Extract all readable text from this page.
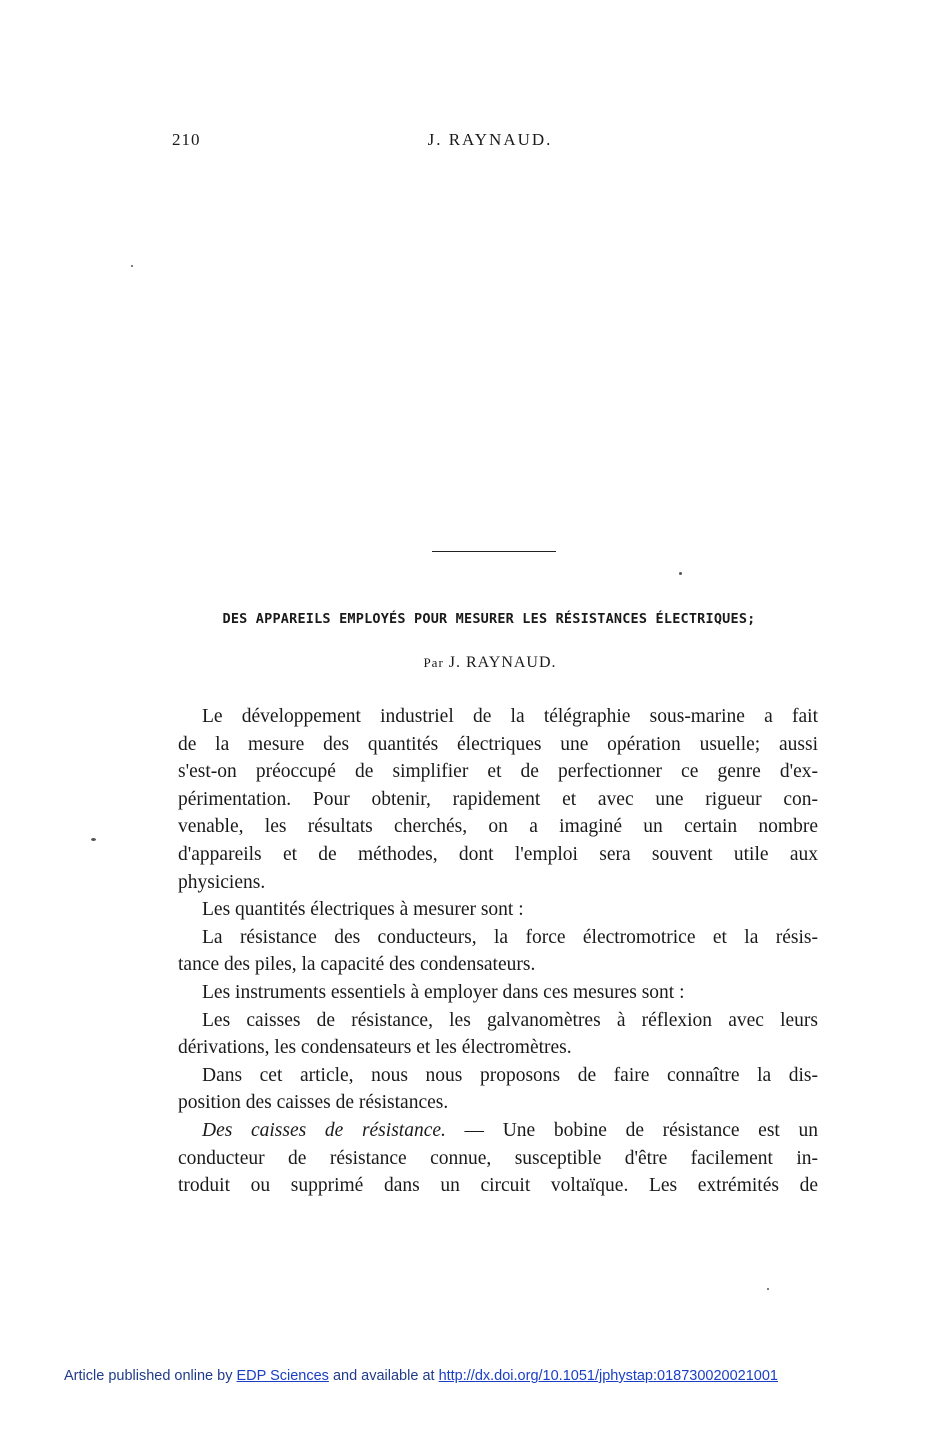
210	J. RAYNAUD.
DES APPAREILS EMPLOYÉS POUR MESURER LES RÉSISTANCES ÉLECTRIQUES;
Par J. RAYNAUD.
Le développement industriel de la télégraphie sous-marine a fait
de la mesure des quantités électriques une opération usuelle; aussi
s'est-on préoccupé de simplifier et de perfectionner ce genre d'ex-
périmentation. Pour obtenir, rapidement et avec une rigueur con-
venable, les résultats cherchés, on a imaginé un certain nombre
d'appareils et de méthodes, dont l'emploi sera souvent utile aux
physiciens.
Les quantités électriques à mesurer sont :
La résistance des conducteurs, la force électromotrice et la résis-
tance des piles, la capacité des condensateurs.
Les instruments essentiels à employer dans ces mesures sont :
Les caisses de résistance, les galvanomètres à réflexion avec leurs
dérivations, les condensateurs et les électromètres.
Dans cet article, nous nous proposons de faire connaître la dis-
position des caisses de résistances.
Des caisses de résistance. — Une bobine de résistance est un
conducteur de résistance connue, susceptible d'être facilement in-
troduit ou supprimé dans un circuit voltaïque. Les extrémités de
Article published online by EDP Sciences and available at http://dx.doi.org/10.1051/jphystap:018730020021001
